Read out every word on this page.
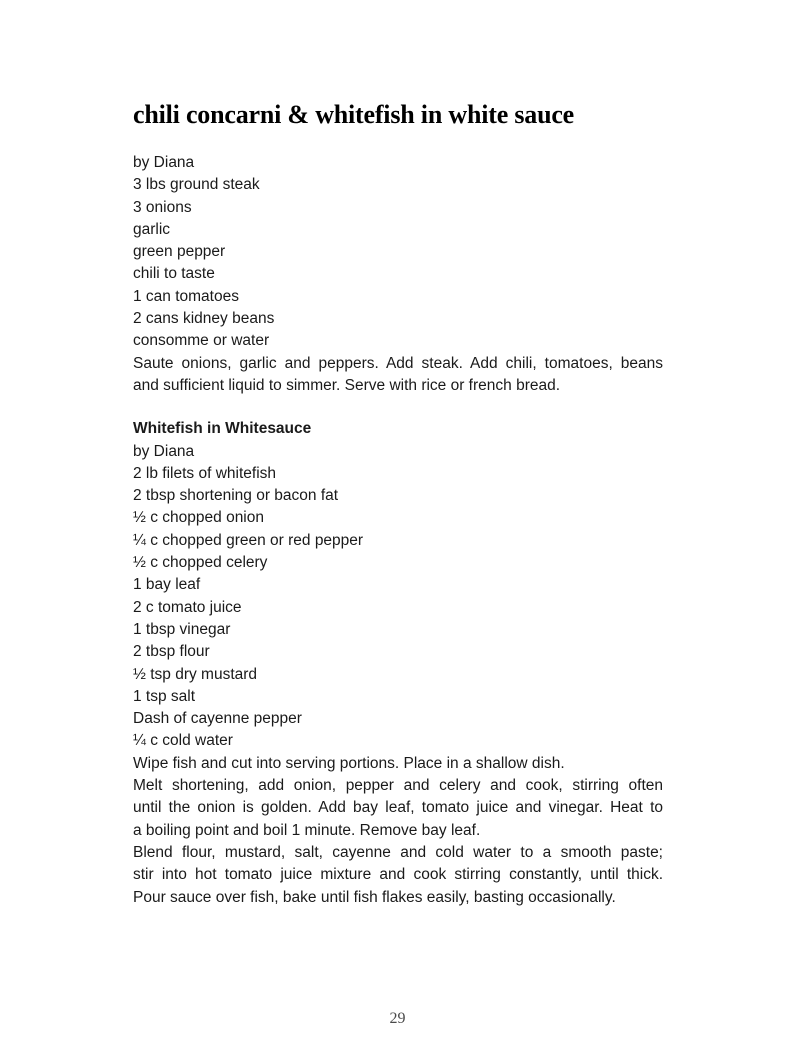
chili concarni & whitefish in white sauce
by Diana
3 lbs ground steak
3 onions
garlic
green pepper
chili to taste
1 can tomatoes
2 cans kidney beans
consomme or water
Saute onions, garlic and peppers. Add steak. Add chili, tomatoes, beans
and sufficient liquid to simmer. Serve with rice or french bread.
Whitefish in Whitesauce
by Diana
2 lb filets of whitefish
2 tbsp shortening or bacon fat
½ c chopped onion
¼ c chopped green or red pepper
½ c chopped celery
1 bay leaf
2 c tomato juice
1 tbsp vinegar
2 tbsp flour
½ tsp dry mustard
1 tsp salt
Dash of cayenne pepper
¼ c cold water
Wipe fish and cut into serving portions. Place in a shallow dish.
Melt shortening, add onion, pepper and celery and cook, stirring often
until the onion is golden. Add bay leaf, tomato juice and vinegar. Heat to
a boiling point and boil 1 minute. Remove bay leaf.
Blend flour, mustard, salt, cayenne and cold water to a smooth paste;
stir into hot tomato juice mixture and cook stirring constantly, until thick.
Pour sauce over fish, bake until fish flakes easily, basting occasionally.
29
